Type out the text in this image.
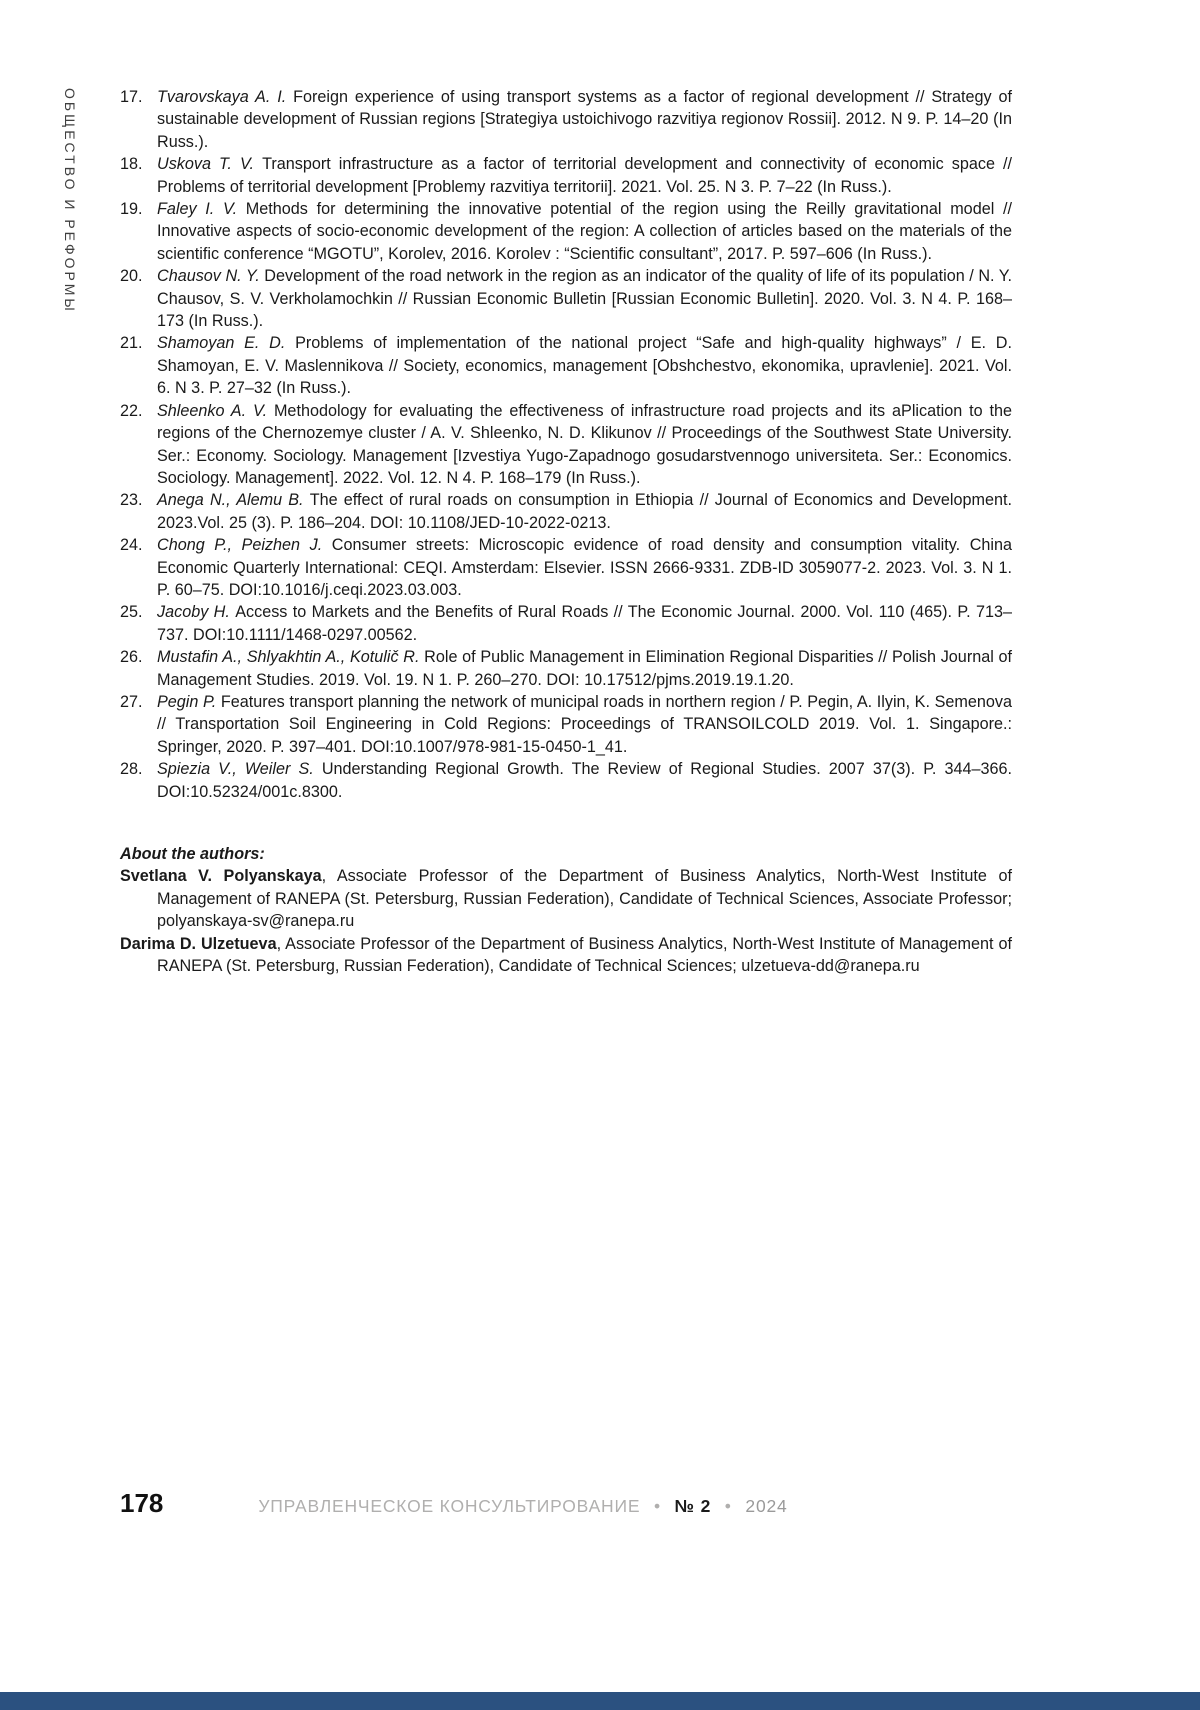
ОБЩЕСТВО И РЕФОРМЫ	17. Tvarovskaya A. I. Foreign experience of using transport systems as a factor of regional development // Strategy of sustainable development of Russian regions [Strategiya ustoichivogo razvitiya regionov Rossii]. 2012. N 9. P. 14–20 (In Russ.).
18. Uskova T. V. Transport infrastructure as a factor of territorial development and connectivity of economic space // Problems of territorial development [Problemy razvitiya territorii]. 2021. Vol. 25. N 3. P. 7–22 (In Russ.).
19. Faley I. V. Methods for determining the innovative potential of the region using the Reilly gravitational model // Innovative aspects of socio-economic development of the region: A collection of articles based on the materials of the scientific conference “MGOTU”, Korolev, 2016. Korolev : “Scientific consultant”, 2017. P. 597–606 (In Russ.).
20. Chausov N. Y. Development of the road network in the region as an indicator of the quality of life of its population / N. Y. Chausov, S. V. Verkholamochkin // Russian Economic Bulletin [Russian Economic Bulletin]. 2020. Vol. 3. N 4. P. 168–173 (In Russ.).
21. Shamoyan E. D. Problems of implementation of the national project “Safe and high-quality highways” / E. D. Shamoyan, E. V. Maslennikova // Society, economics, management [Obshchestvo, ekonomika, upravlenie]. 2021. Vol. 6. N 3. P. 27–32 (In Russ.).
22. Shleenko A. V. Methodology for evaluating the effectiveness of infrastructure road projects and its aPlication to the regions of the Chernozemye cluster / A. V. Shleenko, N. D. Klikunov // Proceedings of the Southwest State University. Ser.: Economy. Sociology. Management [Izvestiya Yugo-Zapadnogo gosudarstvennogo universiteta. Ser.: Economics. Sociology. Management]. 2022. Vol. 12. N 4. P. 168–179 (In Russ.).
23. Anega N., Alemu B. The effect of rural roads on consumption in Ethiopia // Journal of Economics and Development. 2023.Vol. 25 (3). P. 186–204. DOI: 10.1108/JED-10-2022-0213.
24. Chong P., Peizhen J. Consumer streets: Microscopic evidence of road density and consumption vitality. China Economic Quarterly International: CEQI. Amsterdam: Elsevier. ISSN 2666-9331. ZDB-ID 3059077-2. 2023. Vol. 3. N 1. P. 60–75. DOI:10.1016/j.ceqi.2023.03.003.
25. Jacoby H. Access to Markets and the Benefits of Rural Roads // The Economic Journal. 2000. Vol. 110 (465). P. 713–737. DOI:10.1111/1468-0297.00562.
26. Mustafin A., Shlyakhtin A., Kotulič R. Role of Public Management in Elimination Regional Disparities // Polish Journal of Management Studies. 2019. Vol. 19. N 1. P. 260–270. DOI: 10.17512/pjms.2019.19.1.20.
27. Pegin P. Features transport planning the network of municipal roads in northern region / P. Pegin, A. Ilyin, K. Semenova // Transportation Soil Engineering in Cold Regions: Proceedings of TRANSOILCOLD 2019. Vol. 1. Singapore.: Springer, 2020. P. 397–401. DOI:10.1007/978-981-15-0450-1_41.
28. Spiezia V., Weiler S. Understanding Regional Growth. The Review of Regional Studies. 2007 37(3). P. 344–366. DOI:10.52324/001c.8300.
About the authors:
Svetlana V. Polyanskaya, Associate Professor of the Department of Business Analytics, North-West Institute of Management of RANEPA (St. Petersburg, Russian Federation), Candidate of Technical Sciences, Associate Professor; polyanskaya-sv@ranepa.ru
Darima D. Ulzetueva, Associate Professor of the Department of Business Analytics, North-West Institute of Management of RANEPA (St. Petersburg, Russian Federation), Candidate of Technical Sciences; ulzetueva-dd@ranepa.ru
178	УПРАВЛЕНЧЕСКОЕ КОНСУЛЬТИРОВАНИЕ • № 2 • 2024
